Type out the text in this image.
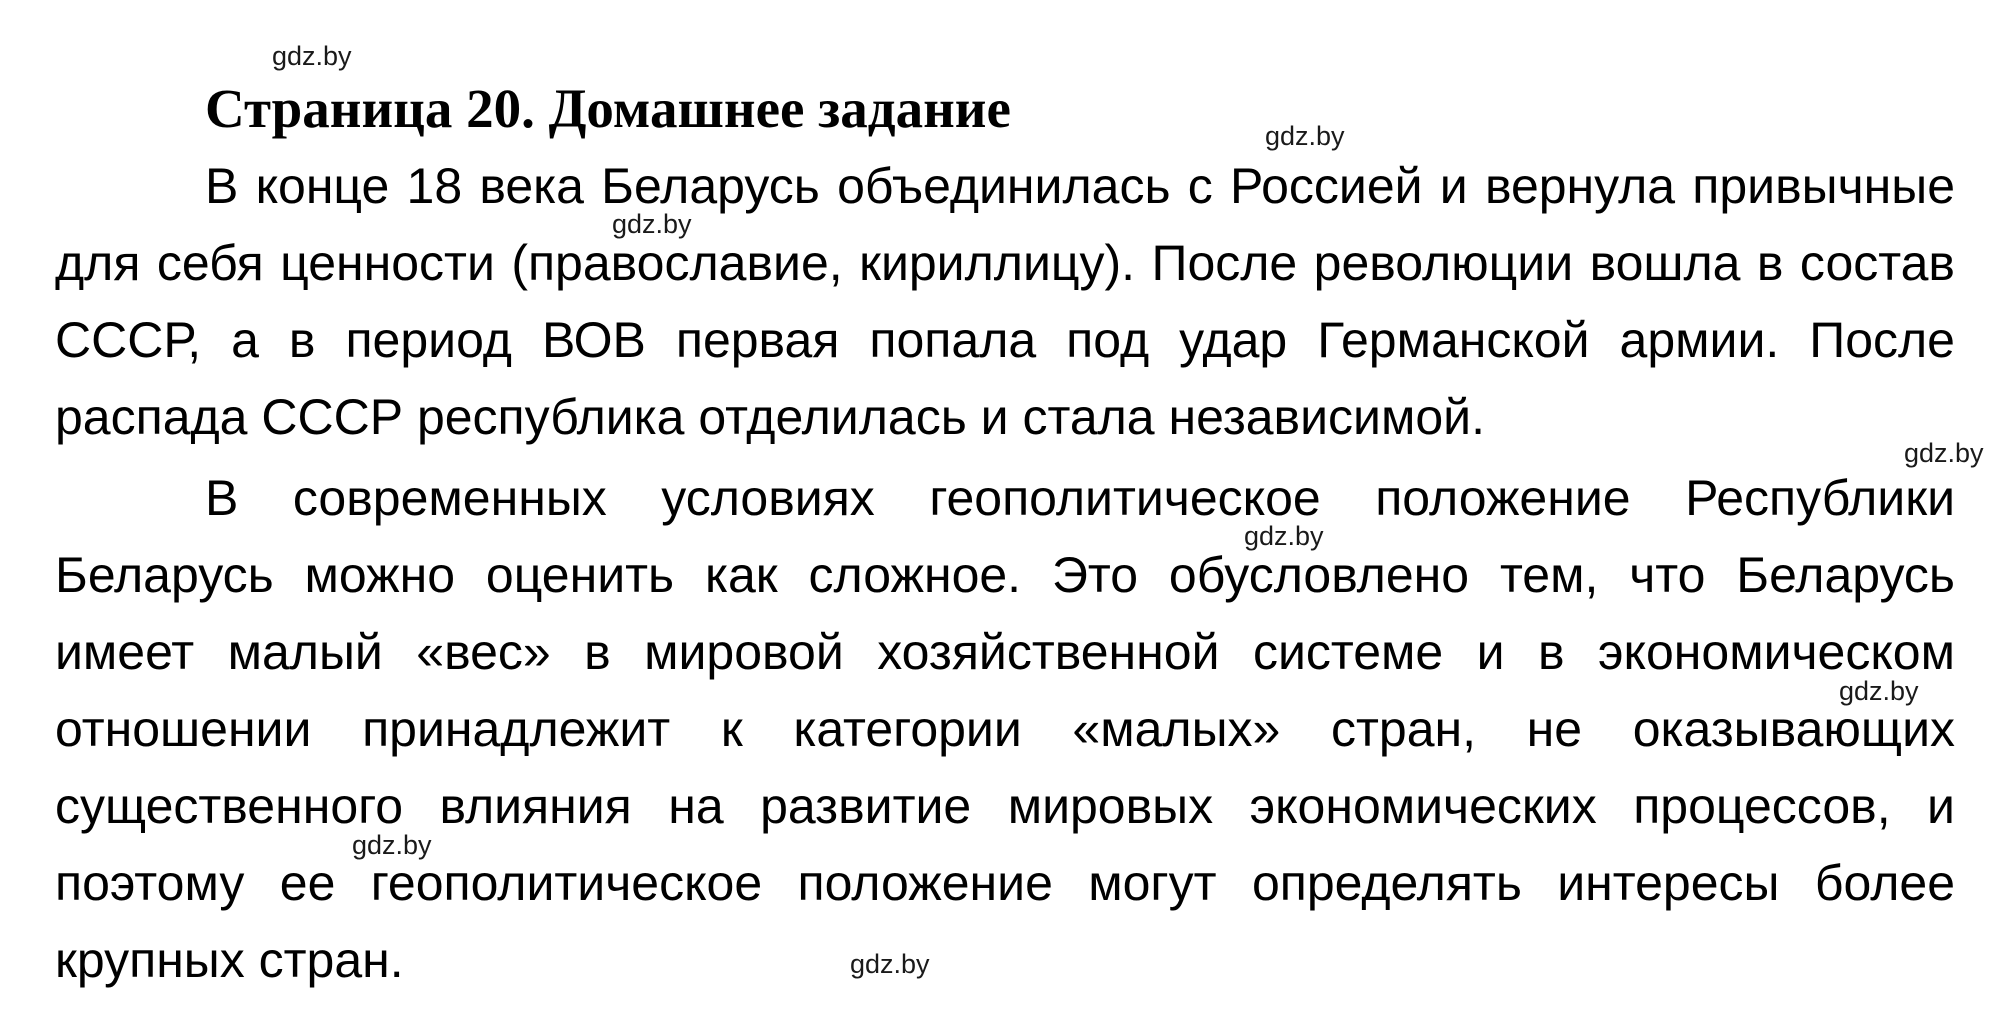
Страница 20. Домашнее задание

В конце 18 века Беларусь объединилась с Россией и вернула привычные для себя ценности (православие, кириллицу). После революции вошла в состав СССР, а в период ВОВ первая попала под удар Германской армии. После распада СССР республика отделилась и стала независимой.

В современных условиях геополитическое положение Республики Беларусь можно оценить как сложное. Это обусловлено тем, что Беларусь имеет малый «вес» в мировой хозяйственной системе и в экономическом отношении принадлежит к категории «малых» стран, не оказывающих существенного влияния на развитие мировых экономических процессов, и поэтому ее геополитическое положение могут определять интересы более крупных стран.

gdz.by
gdz.by
gdz.by
gdz.by
gdz.by
gdz.by
gdz.by
gdz.by
